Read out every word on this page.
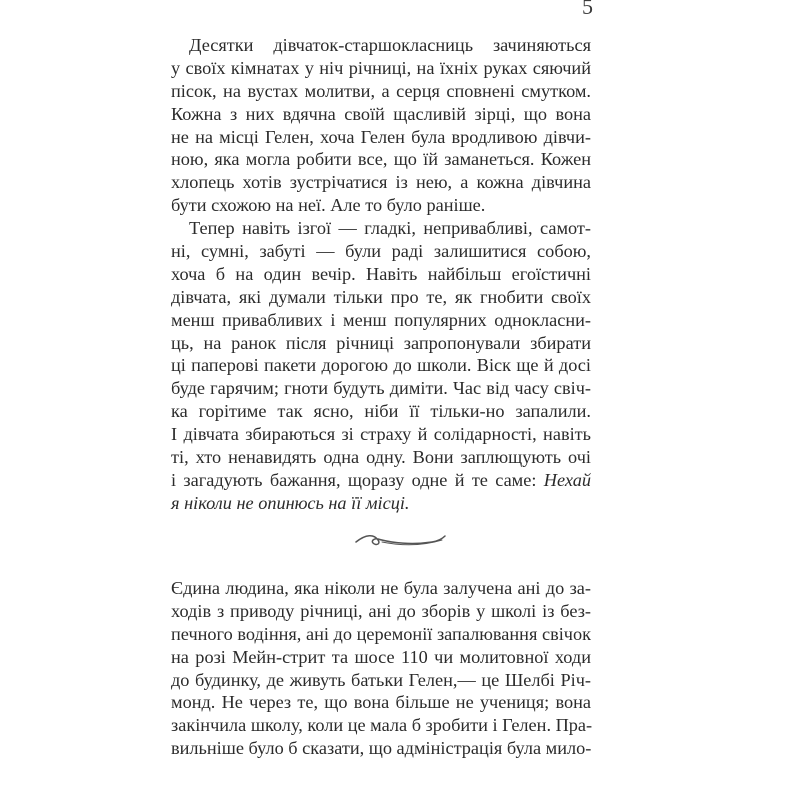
5
Десятки дівчаток-старшокласниць зачиняються
у своїх кімнатах у ніч річниці, на їхніх руках сяючий
пісок, на вустах молитви, а серця сповнені смутком.
Кожна з них вдячна своїй щасливій зірці, що вона
не на місці Гелен, хоча Гелен була вродливою дівчи-
ною, яка могла робити все, що їй заманеться. Кожен
хлопець хотів зустрічатися із нею, а кожна дівчина
бути схожою на неї. Але то було раніше.
Тепер навіть ізгої — гладкі, непривабливі, самот-
ні, сумні, забуті — були раді залишитися собою,
хоча б на один вечір. Навіть найбільш егоїстичні
дівчата, які думали тільки про те, як гнобити своїх
менш привабливих і менш популярних однокласни-
ць, на ранок після річниці запропонували збирати
ці паперові пакети дорогою до школи. Віск ще й досі
буде гарячим; гноти будуть диміти. Час від часу свіч-
ка горітиме так ясно, ніби її тільки-но запалили.
І дівчата збираються зі страху й солідарності, навіть
ті, хто ненавидять одна одну. Вони заплющують очі
і загадують бажання, щоразу одне й те саме: Нехай
я ніколи не опинюсь на її місці.
Єдина людина, яка ніколи не була залучена ані до за-
ходів з приводу річниці, ані до зборів у школі із без-
печного водіння, ані до церемонії запалювання свічок
на розі Мейн-стрит та шосе 110 чи молитовної ходи
до будинку, де живуть батьки Гелен,— це Шелбі Річ-
монд. Не через те, що вона більше не учениця; вона
закінчила школу, коли це мала б зробити і Гелен. Пра-
вильніше було б сказати, що адміністрація була мило-
